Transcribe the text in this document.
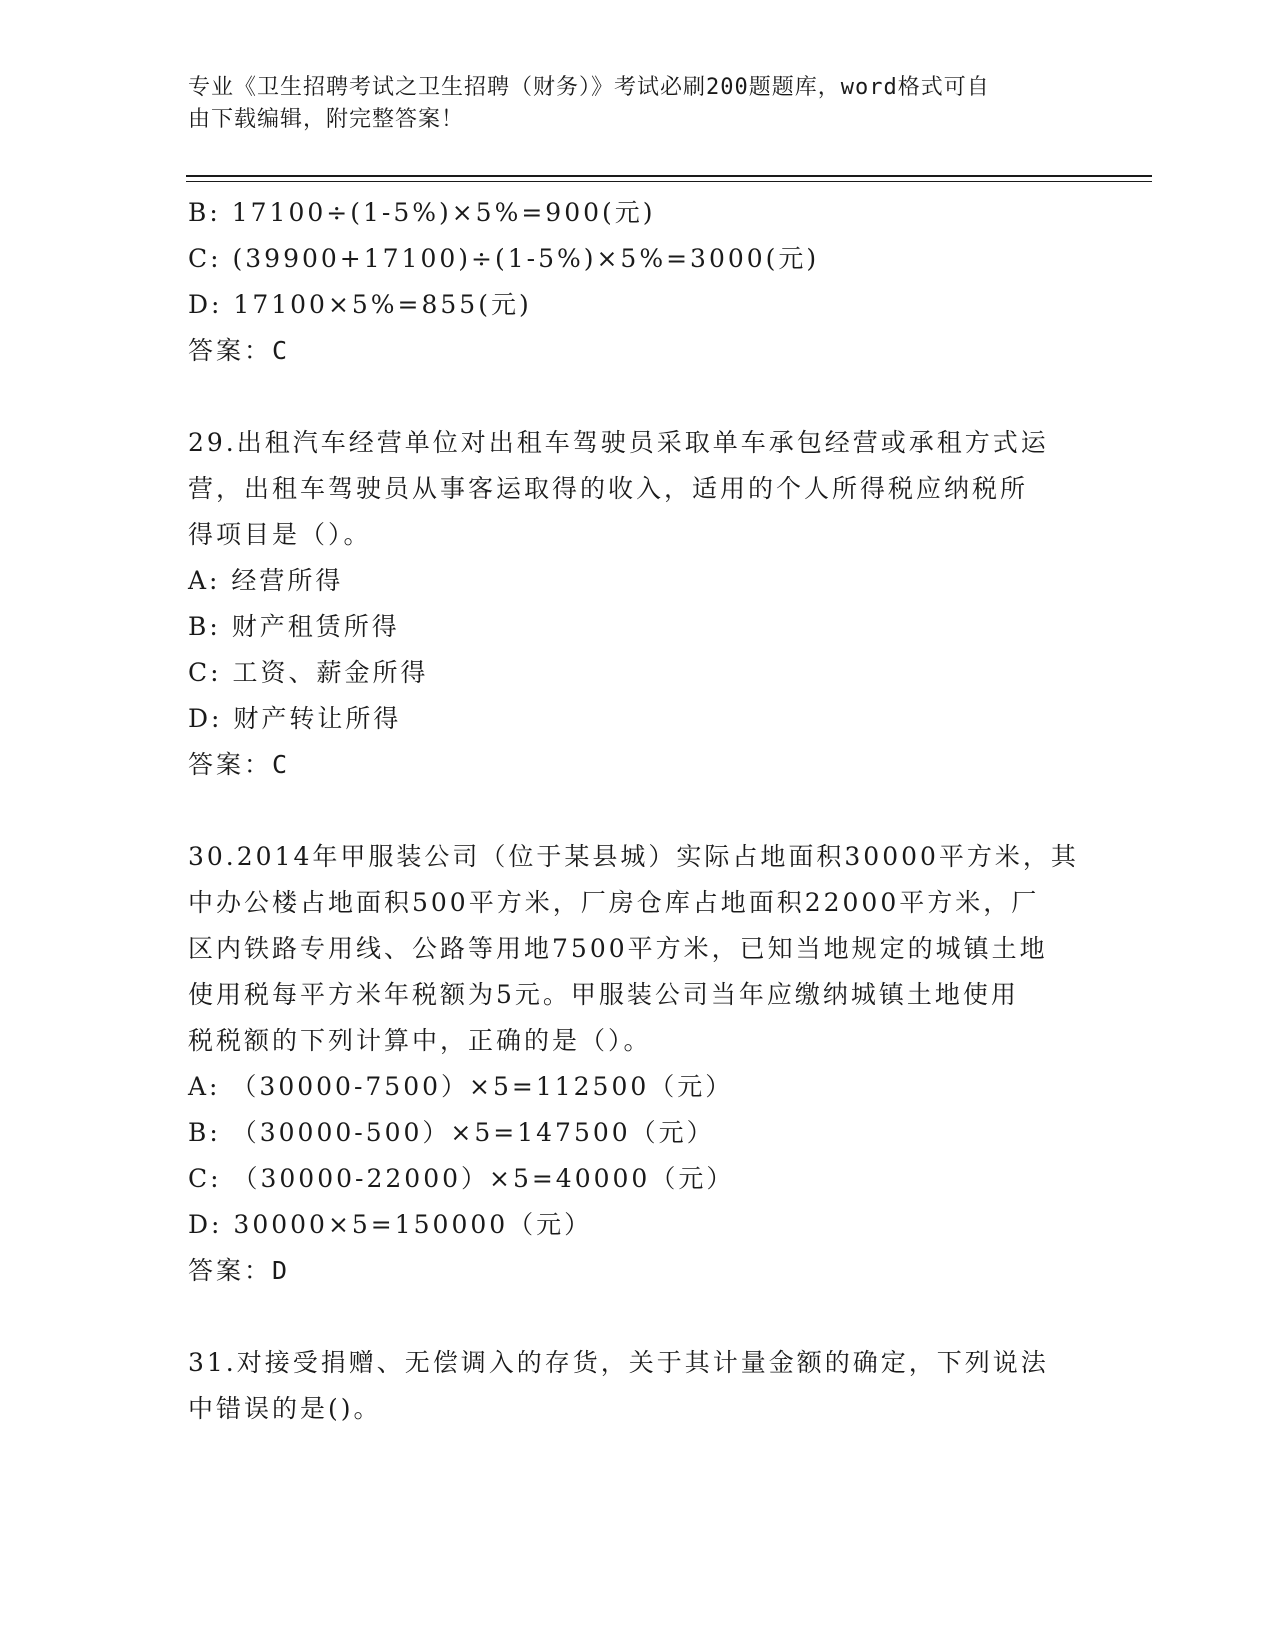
专业《卫生招聘考试之卫生招聘（财务）》考试必刷200题题库，word格式可自
由下载编辑，附完整答案！
B: 17100÷(1-5%)×5%=900(元)
C: (39900+17100)÷(1-5%)×5%=3000(元)
D: 17100×5%=855(元)
答案：C
29.出租汽车经营单位对出租车驾驶员采取单车承包经营或承租方式运
营，出租车驾驶员从事客运取得的收入，适用的个人所得税应纳税所
得项目是（）。
A: 经营所得
B: 财产租赁所得
C: 工资、薪金所得
D: 财产转让所得
答案：C
30.2014年甲服装公司（位于某县城）实际占地面积30000平方米，其
中办公楼占地面积500平方米，厂房仓库占地面积22000平方米，厂
区内铁路专用线、公路等用地7500平方米，已知当地规定的城镇土地
使用税每平方米年税额为5元。甲服装公司当年应缴纳城镇土地使用
税税额的下列计算中，正确的是（）。
A: （30000-7500）×5=112500（元）
B: （30000-500）×5=147500（元）
C: （30000-22000）×5=40000（元）
D: 30000×5=150000（元）
答案：D
31.对接受捐赠、无偿调入的存货，关于其计量金额的确定，下列说法
中错误的是()。
